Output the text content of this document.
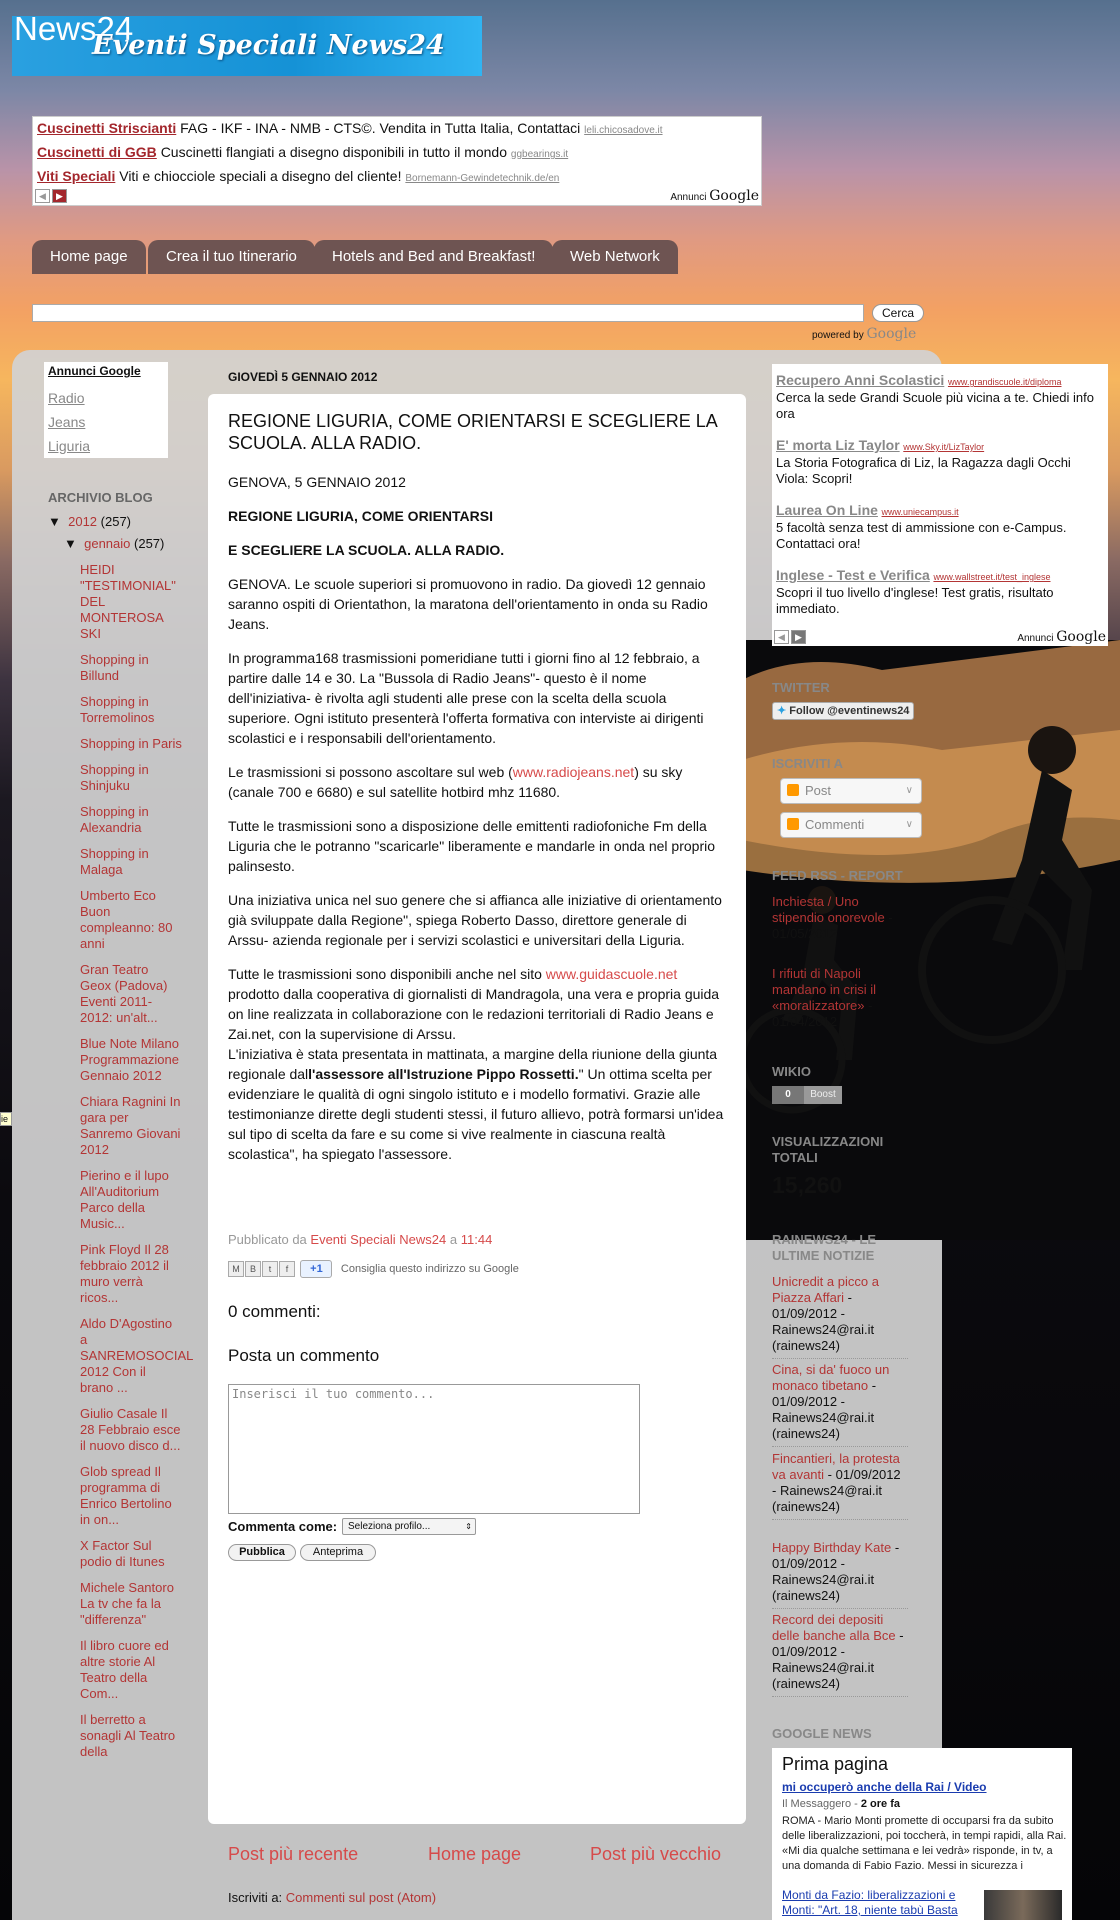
News24
Eventi Speciali News24
Cuscinetti Striscianti FAG - IKF - INA - NMB - CTS©. Vendita in Tutta Italia, Contattaci leli.chicosadove.it
Cuscinetti di GGB Cuscinetti flangiati a disegno disponibili in tutto il mondo ggbearings.it
Viti Speciali Viti e chiocciole speciali a disegno del cliente! Bornemann-Gewindetechnik.de/en
◀	▶	Annunci Google
Home page	Crea il tuo Itinerario	Hotels and Bed and Breakfast!	Web Network
Cerca
powered by Google
Annunci Google
Radio
Jeans
Liguria
ARCHIVIO BLOG
▼ 2012 (257)
▼ gennaio (257)
HEIDI "TESTIMONIAL" DEL MONTEROSA SKI
Shopping in Billund
Shopping in Torremolinos
Shopping in Paris
Shopping in Shinjuku
Shopping in Alexandria
Shopping in Malaga
Umberto Eco Buon compleanno: 80 anni
Gran Teatro Geox (Padova) Eventi 2011-2012: un'alt...
Blue Note Milano Programmazione Gennaio 2012
Chiara Ragnini In gara per Sanremo Giovani 2012
Pierino e il lupo All'Auditorium Parco della Music...
Pink Floyd Il 28 febbraio 2012 il muro verrà ricos...
Aldo D'Agostino a SANREMOSOCIAL 2012 Con il brano ...
Giulio Casale Il 28 Febbraio esce il nuovo disco d...
Glob spread Il programma di Enrico Bertolino in on...
X Factor Sul podio di Itunes
Michele Santoro La tv che fa la "differenza"
Il libro cuore ed altre storie Al Teatro della Com...
Il berretto a sonagli Al Teatro della
ie
GIOVEDÌ 5 GENNAIO 2012
REGIONE LIGURIA, COME ORIENTARSI E SCEGLIERE LA SCUOLA. ALLA RADIO.

GENOVA, 5 GENNAIO 2012

REGIONE LIGURIA, COME ORIENTARSI

E SCEGLIERE LA SCUOLA. ALLA RADIO.

GENOVA. Le scuole superiori si promuovono in radio. Da giovedì 12 gennaio saranno ospiti di Orientathon, la maratona dell'orientamento in onda su Radio Jeans.

In programma168 trasmissioni pomeridiane tutti i giorni fino al 12 febbraio, a partire dalle 14 e 30. La "Bussola di Radio Jeans"- questo è il nome dell'iniziativa- è rivolta agli studenti alle prese con la scelta della scuola superiore. Ogni istituto presenterà l'offerta formativa con interviste ai dirigenti scolastici e i responsabili dell'orientamento.

Le trasmissioni si possono ascoltare sul web (www.radiojeans.net) su sky (canale 700 e 6680) e sul satellite hotbird mhz 11680.

Tutte le trasmissioni sono a disposizione delle emittenti radiofoniche Fm della Liguria che le potranno "scaricarle" liberamente e mandarle in onda nel proprio palinsesto.

Una iniziativa unica nel suo genere che si affianca alle iniziative di orientamento già sviluppate dalla Regione", spiega Roberto Dasso, direttore generale di Arssu- azienda regionale per i servizi scolastici e universitari della Liguria.

Tutte le trasmissioni sono disponibili anche nel sito www.guidascuole.net prodotto dalla cooperativa di giornalisti di Mandragola, una vera e propria guida on line realizzata in collaborazione con le redazioni territoriali di Radio Jeans e Zai.net, con la supervisione di Arssu.

L'iniziativa è stata presentata in mattinata, a margine della riunione della giunta regionale dall'assessore all'Istruzione Pippo Rossetti." Un ottima scelta per evidenziare le qualità di ogni singolo istituto e i modello formativi. Grazie alle testimonianze dirette degli studenti stessi, il futuro allievo, potrà formarsi un'idea sul tipo di scelta da fare e su come si vive realmente in ciascuna realtà scolastica", ha spiegato l'assessore.

Pubblicato da Eventi Speciali News24 a 11:44
M B t f +1 Consiglia questo indirizzo su Google
0 commenti:
Posta un commento
Inserisci il tuo commento...
Commenta come:	Seleziona profilo...	⇕
Pubblica	Anteprima
Post più recente	Home page	Post più vecchio
Iscriviti a: Commenti sul post (Atom)
Recupero Anni Scolastici www.grandiscuole.it/diploma
Cerca la sede Grandi Scuole più vicina a te. Chiedi info ora
E' morta Liz Taylor www.Sky.it/LizTaylor
La Storia Fotografica di Liz, la Ragazza dagli Occhi Viola: Scopri!
Laurea On Line www.uniecampus.it
5 facoltà senza test di ammissione con e-Campus. Contattaci ora!
Inglese - Test e Verifica www.wallstreet.it/test_inglese
Scopri il tuo livello d'inglese! Test gratis, risultato immediato.
◀	▶	Annunci Google
TWITTER
✦ Follow @eventinews24
ISCRIVITI A
Post	∨
Commenti	∨
FEED RSS - REPORT
Inchiesta / Uno stipendio onorevole - 01/05/2012
I rifiuti di Napoli mandano in crisi il «moralizzatore» - 01/04/2012
WIKIO
0	Boost
VISUALIZZAZIONI TOTALI
15,260
RAINEWS24 - LE ULTIME NOTIZIE
Unicredit a picco a Piazza Affari - 01/09/2012 - Rainews24@rai.it (rainews24)
Cina, si da' fuoco un monaco tibetano - 01/09/2012 - Rainews24@rai.it (rainews24)
Fincantieri, la protesta va avanti - 01/09/2012 - Rainews24@rai.it (rainews24)
Happy Birthday Kate - 01/09/2012 - Rainews24@rai.it (rainews24)
Record dei depositi delle banche alla Bce - 01/09/2012 - Rainews24@rai.it (rainews24)
GOOGLE NEWS
Prima pagina
mi occuperò anche della Rai / Video
Il Messaggero - 2 ore fa
ROMA - Mario Monti promette di occuparsi fra da subito delle liberalizzazioni, poi toccherà, in tempi rapidi, alla Rai. «Mi dia qualche settimana e lei vedrà» risponde, in tv, a una domanda di Fabio Fazio. Messi in sicurezza i
Monti da Fazio: liberalizzazioni e Monti: "Art. 18, niente tabù Basta
